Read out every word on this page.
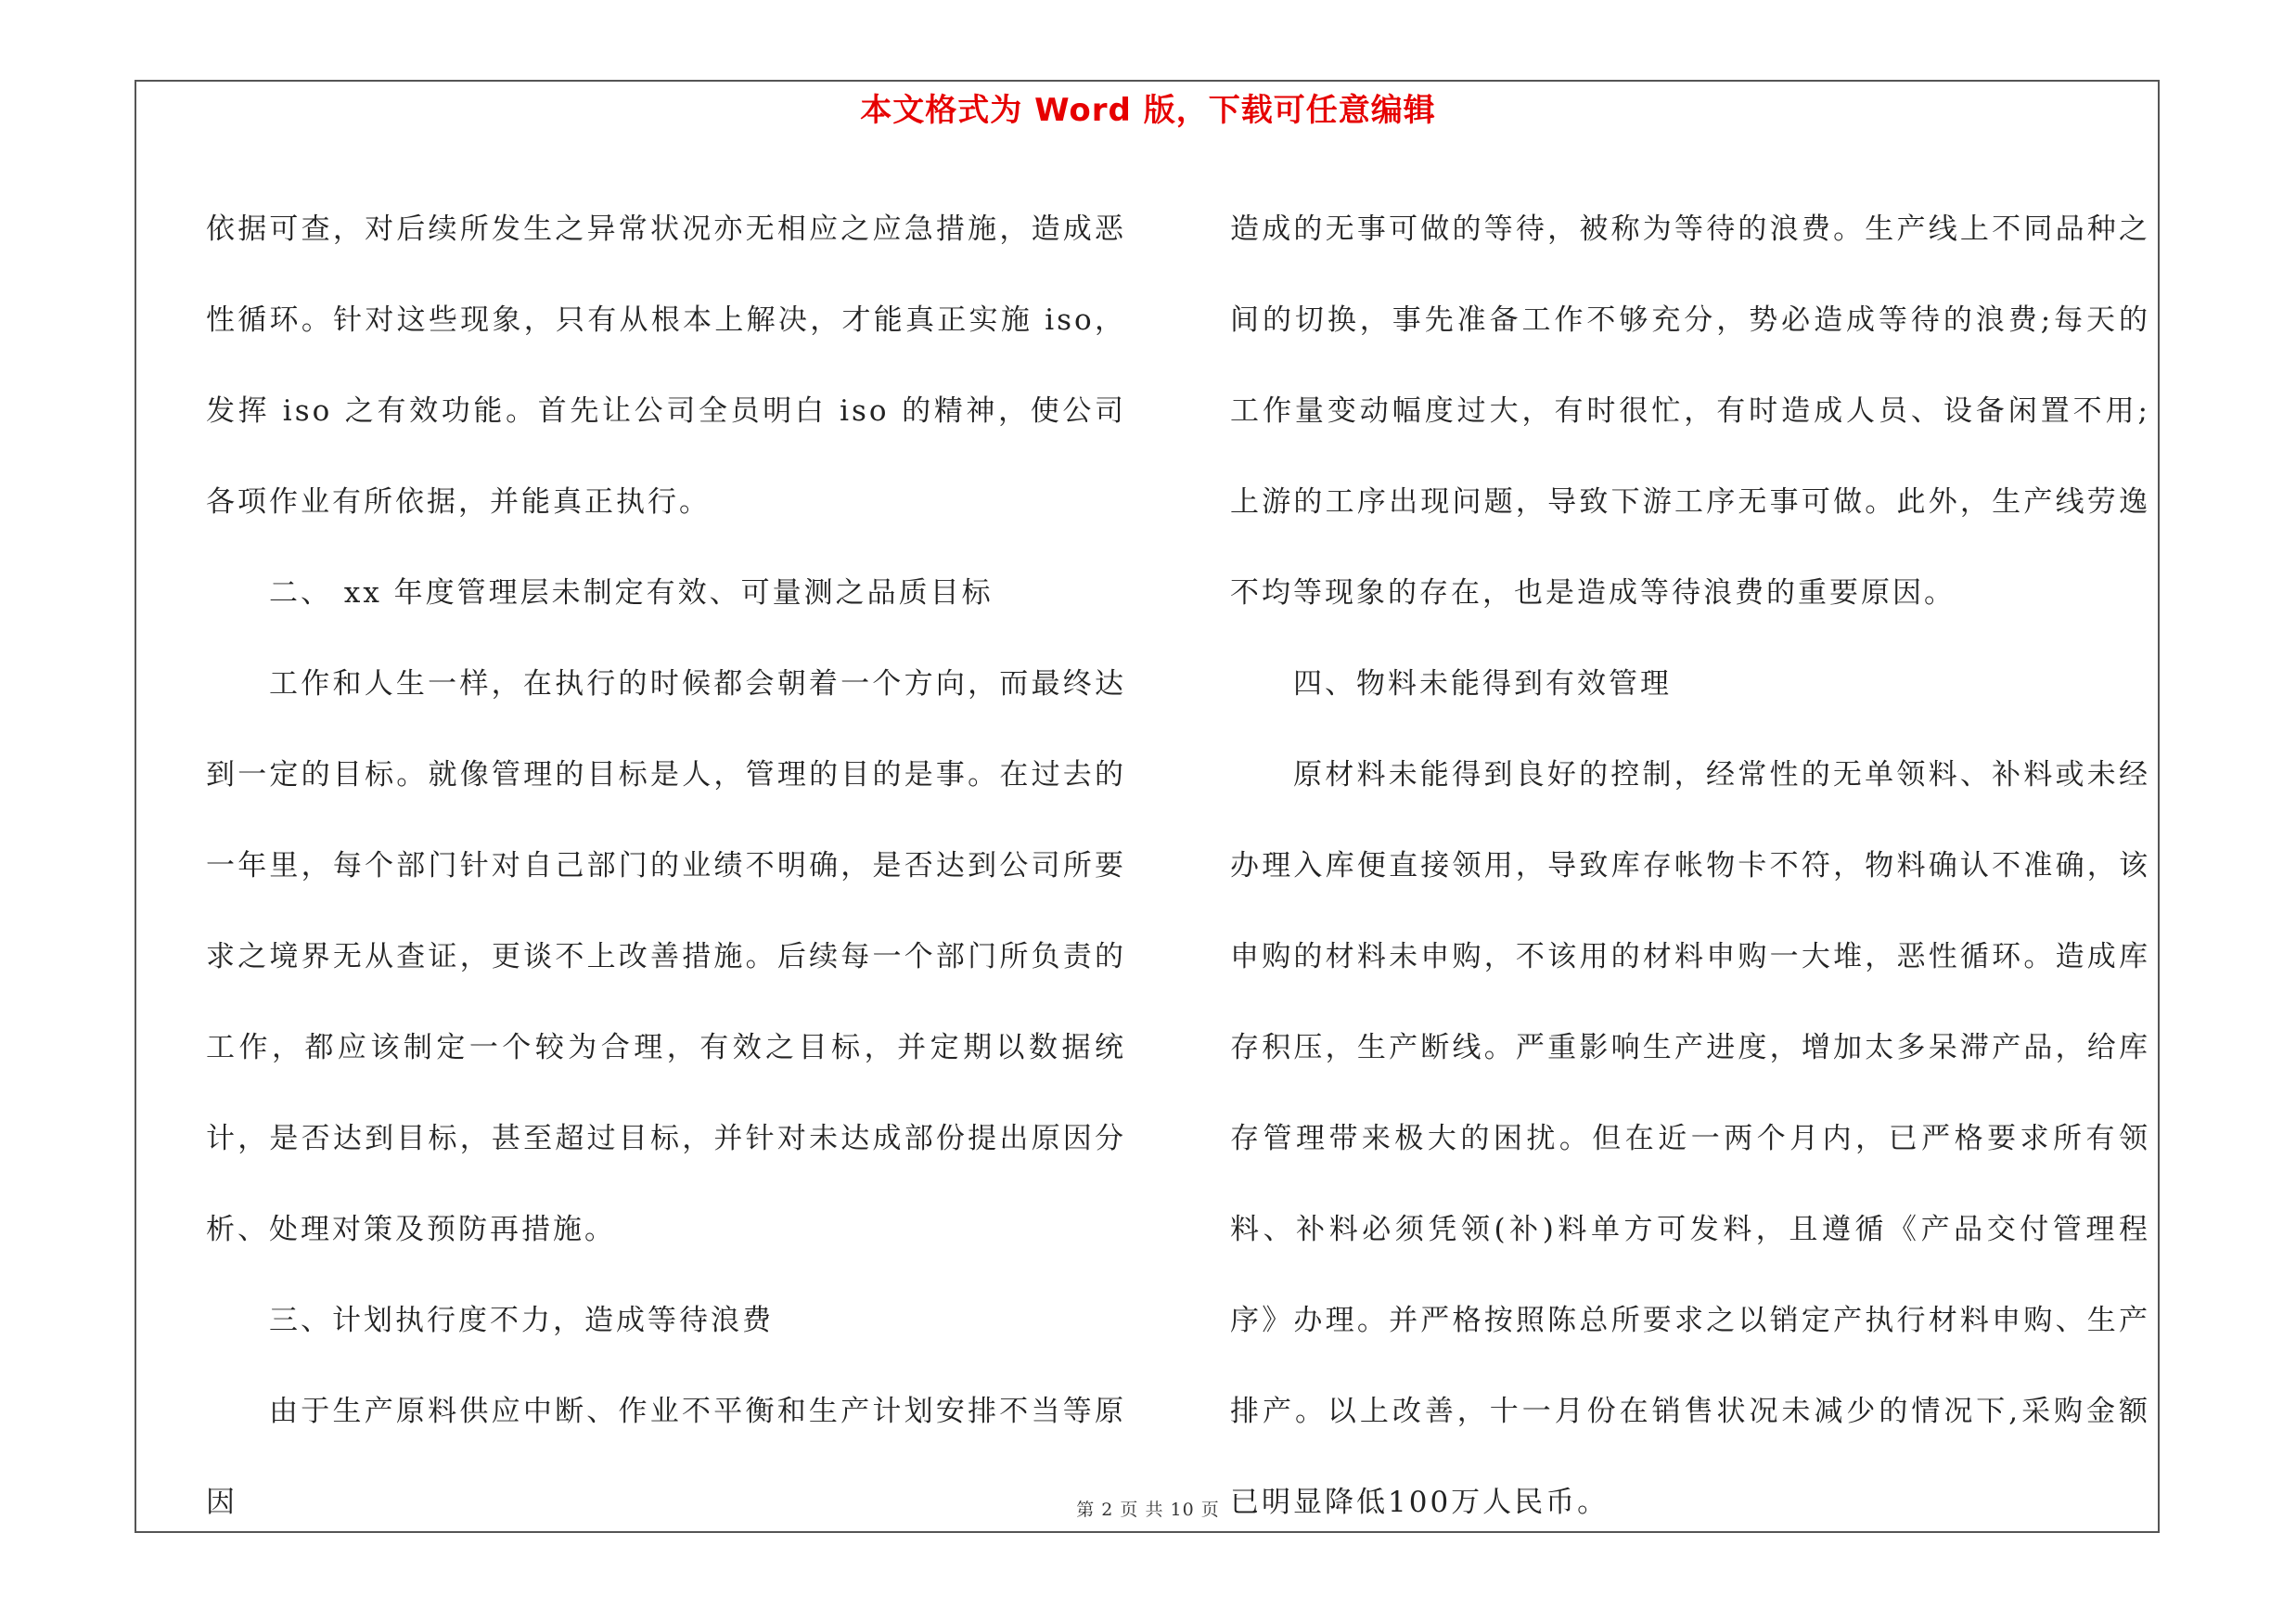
本文格式为 Word 版，下载可任意编辑

依据可查，对后续所发生之异常状况亦无相应之应急措施，造成恶性循环。针对这些现象，只有从根本上解决，才能真正实施 iso，发挥 iso 之有效功能。首先让公司全员明白 iso 的精神，使公司各项作业有所依据，并能真正执行。

二、 xx 年度管理层未制定有效、可量测之品质目标

工作和人生一样，在执行的时候都会朝着一个方向，而最终达到一定的目标。就像管理的目标是人，管理的目的是事。在过去的一年里，每个部门针对自己部门的业绩不明确，是否达到公司所要求之境界无从查证，更谈不上改善措施。后续每一个部门所负责的工作，都应该制定一个较为合理，有效之目标，并定期以数据统计，是否达到目标，甚至超过目标，并针对未达成部份提出原因分析、处理对策及预防再措施。

三、计划执行度不力，造成等待浪费

由于生产原料供应中断、作业不平衡和生产计划安排不当等原因

造成的无事可做的等待，被称为等待的浪费。生产线上不同品种之间的切换，事先准备工作不够充分，势必造成等待的浪费;每天的工作量变动幅度过大，有时很忙，有时造成人员、设备闲置不用;上游的工序出现问题，导致下游工序无事可做。此外，生产线劳逸不均等现象的存在，也是造成等待浪费的重要原因。

四、物料未能得到有效管理

原材料未能得到良好的控制，经常性的无单领料、补料或未经办理入库便直接领用，导致库存帐物卡不符，物料确认不准确，该申购的材料未申购，不该用的材料申购一大堆，恶性循环。造成库存积压，生产断线。严重影响生产进度，增加太多呆滞产品，给库存管理带来极大的困扰。但在近一两个月内，已严格要求所有领料、补料必须凭领(补)料单方可发料，且遵循《产品交付管理程序》办理。并严格按照陈总所要求之以销定产执行材料申购、生产排产。以上改善，十一月份在销售状况未减少的情况下,采购金额已明显降低100万人民币。

第 2 页 共 10 页
